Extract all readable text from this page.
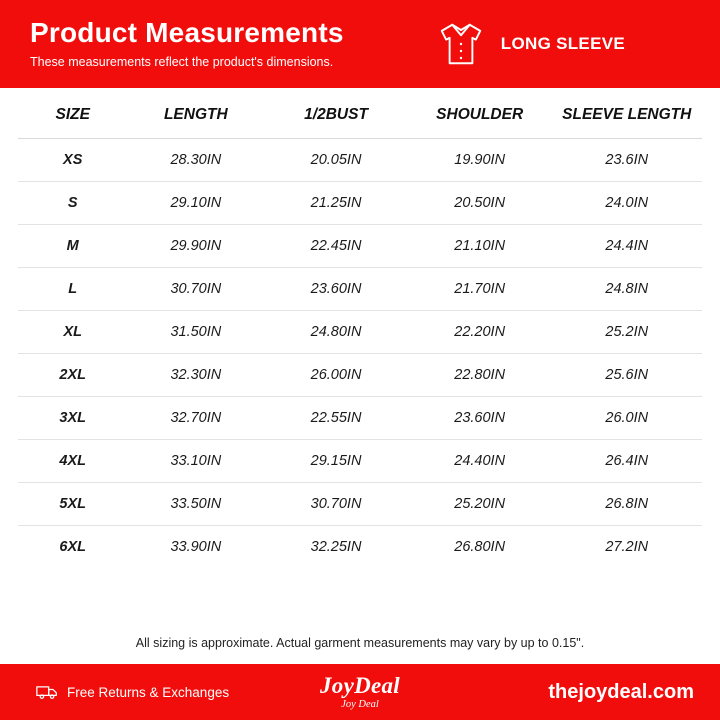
Product Measurements
These measurements reflect the product's dimensions.
LONG SLEEVE
SIZE	LENGTH	1/2BUST	SHOULDER	SLEEVE LENGTH
XS	28.30IN	20.05IN	19.90IN	23.6IN
S	29.10IN	21.25IN	20.50IN	24.0IN
M	29.90IN	22.45IN	21.10IN	24.4IN
L	30.70IN	23.60IN	21.70IN	24.8IN
XL	31.50IN	24.80IN	22.20IN	25.2IN
2XL	32.30IN	26.00IN	22.80IN	25.6IN
3XL	32.70IN	22.55IN	23.60IN	26.0IN
4XL	33.10IN	29.15IN	24.40IN	26.4IN
5XL	33.50IN	30.70IN	25.20IN	26.8IN
6XL	33.90IN	32.25IN	26.80IN	27.2IN
All sizing is approximate. Actual garment measurements may vary by up to 0.15".
Free Returns & Exchanges	JoyDeal
Joy Deal
thejoydeal.com
